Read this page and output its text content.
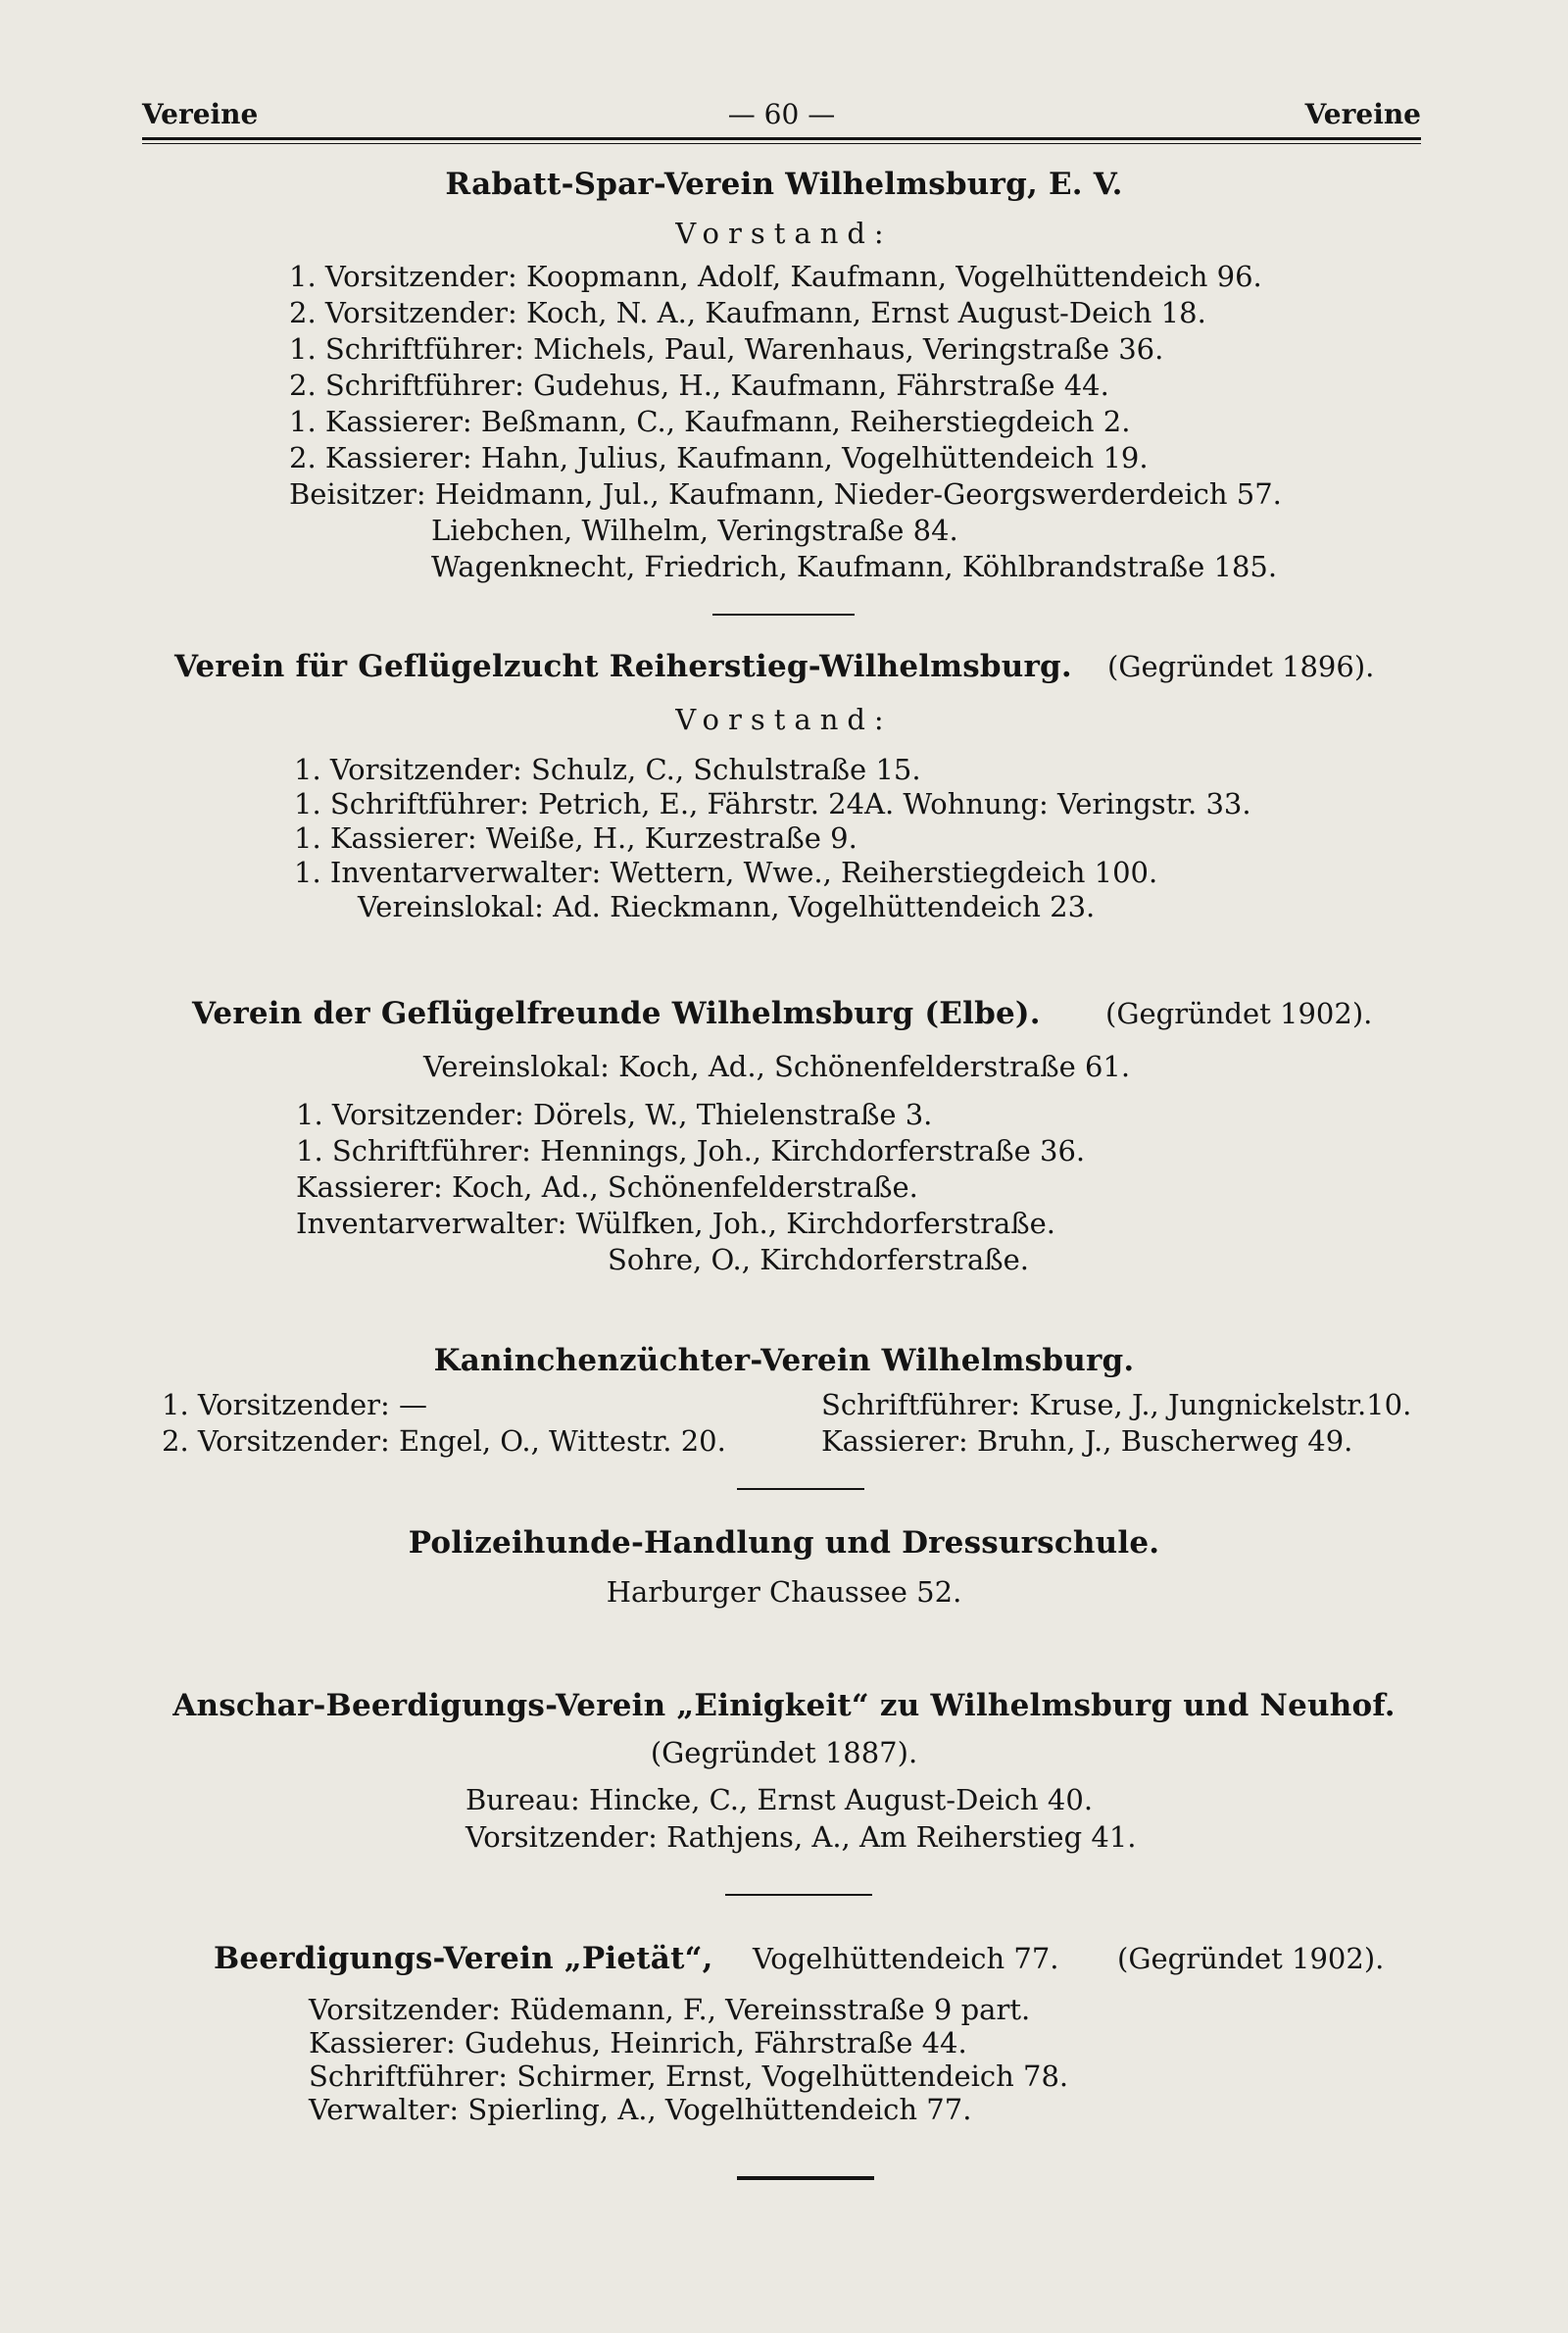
Vereine	— 60 —	Vereine
Rabatt-Spar-Verein Wilhelmsburg, E. V.
Vorstand:
1. Vorsitzender: Koopmann, Adolf, Kaufmann, Vogelhüttendeich 96.
2. Vorsitzender: Koch, N. A., Kaufmann, Ernst August-Deich 18.
1. Schriftführer: Michels, Paul, Warenhaus, Veringstraße 36.
2. Schriftführer: Gudehus, H., Kaufmann, Fährstraße 44.
1. Kassierer: Beßmann, C., Kaufmann, Reiherstiegdeich 2.
2. Kassierer: Hahn, Julius, Kaufmann, Vogelhüttendeich 19.
Beisitzer: Heidmann, Jul., Kaufmann, Nieder-Georgswerderdeich 57.
Liebchen, Wilhelm, Veringstraße 84.
Wagenknecht, Friedrich, Kaufmann, Köhlbrandstraße 185.
Verein für Geflügelzucht Reiherstieg-Wilhelmsburg. (Gegründet 1896).
Vorstand:
1. Vorsitzender: Schulz, C., Schulstraße 15.
1. Schriftführer: Petrich, E., Fährstr. 24A. Wohnung: Veringstr. 33.
1. Kassierer: Weiße, H., Kurzestraße 9.
1. Inventarverwalter: Wettern, Wwe., Reiherstiegdeich 100.
Vereinslokal: Ad. Rieckmann, Vogelhüttendeich 23.
Verein der Geflügelfreunde Wilhelmsburg (Elbe). (Gegründet 1902).
Vereinslokal: Koch, Ad., Schönenfelderstraße 61.
1. Vorsitzender: Dörels, W., Thielenstraße 3.
1. Schriftführer: Hennings, Joh., Kirchdorferstraße 36.
Kassierer: Koch, Ad., Schönenfelderstraße.
Inventarverwalter: Wülfken, Joh., Kirchdorferstraße.
Sohre, O., Kirchdorferstraße.
Kaninchenzüchter-Verein Wilhelmsburg.
1. Vorsitzender: —
2. Vorsitzender: Engel, O., Wittestr. 20.
Schriftführer: Kruse, J., Jungnickelstr.10.
Kassierer: Bruhn, J., Buscherweg 49.
Polizeihunde-Handlung und Dressurschule.
Harburger Chaussee 52.
Anschar-Beerdigungs-Verein „Einigkeit“ zu Wilhelmsburg und Neuhof.
(Gegründet 1887).
Bureau: Hincke, C., Ernst August-Deich 40.
Vorsitzender: Rathjens, A., Am Reiherstieg 41.
Beerdigungs-Verein „Pietät“, Vogelhüttendeich 77. (Gegründet 1902).
Vorsitzender: Rüdemann, F., Vereinsstraße 9 part.
Kassierer: Gudehus, Heinrich, Fährstraße 44.
Schriftführer: Schirmer, Ernst, Vogelhüttendeich 78.
Verwalter: Spierling, A., Vogelhüttendeich 77.
